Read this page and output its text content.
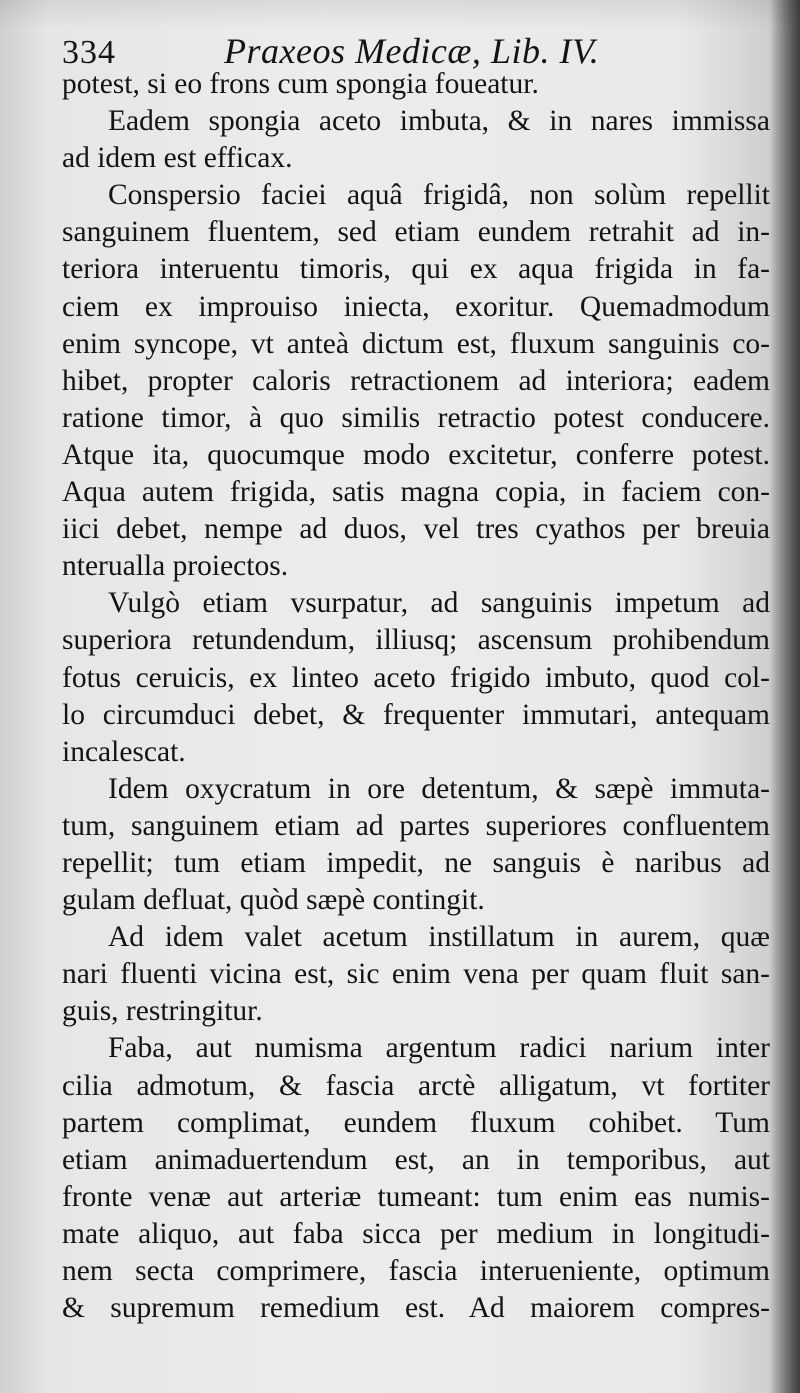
334	Praxeos Medicæ, Lib. IV.
potest, si eo frons cum spongia foueatur.
Eadem spongia aceto imbuta, & in nares immissa
ad idem est efficax.
Conspersio faciei aquâ frigidâ, non solùm repellit
sanguinem fluentem, sed etiam eundem retrahit ad in-
teriora interuentu timoris, qui ex aqua frigida in fa-
ciem ex improuiso iniecta, exoritur. Quemadmodum
enim syncope, vt anteà dictum est, fluxum sanguinis co-
hibet, propter caloris retractionem ad interiora; eadem
ratione timor, à quo similis retractio potest conducere.
Atque ita, quocumque modo excitetur, conferre potest.
Aqua autem frigida, satis magna copia, in faciem con-
iici debet, nempe ad duos, vel tres cyathos per breuia
nterualla proiectos.
Vulgò etiam vsurpatur, ad sanguinis impetum ad
superiora retundendum, illiusq; ascensum prohibendum
fotus ceruicis, ex linteo aceto frigido imbuto, quod col-
lo circumduci debet, & frequenter immutari, antequam
incalescat.
Idem oxycratum in ore detentum, & sæpè immuta-
tum, sanguinem etiam ad partes superiores confluentem
repellit; tum etiam impedit, ne sanguis è naribus ad
gulam defluat, quòd sæpè contingit.
Ad idem valet acetum instillatum in aurem, quæ
nari fluenti vicina est, sic enim vena per quam fluit san-
guis, restringitur.
Faba, aut numisma argentum radici narium inter
cilia admotum, & fascia arctè alligatum, vt fortiter
partem complimat, eundem fluxum cohibet. Tum
etiam animaduertendum est, an in temporibus, aut
fronte venæ aut arteriæ tumeant: tum enim eas numis-
mate aliquo, aut faba sicca per medium in longitudi-
nem secta comprimere, fascia interueniente, optimum
& supremum remedium est. Ad maiorem compres-
